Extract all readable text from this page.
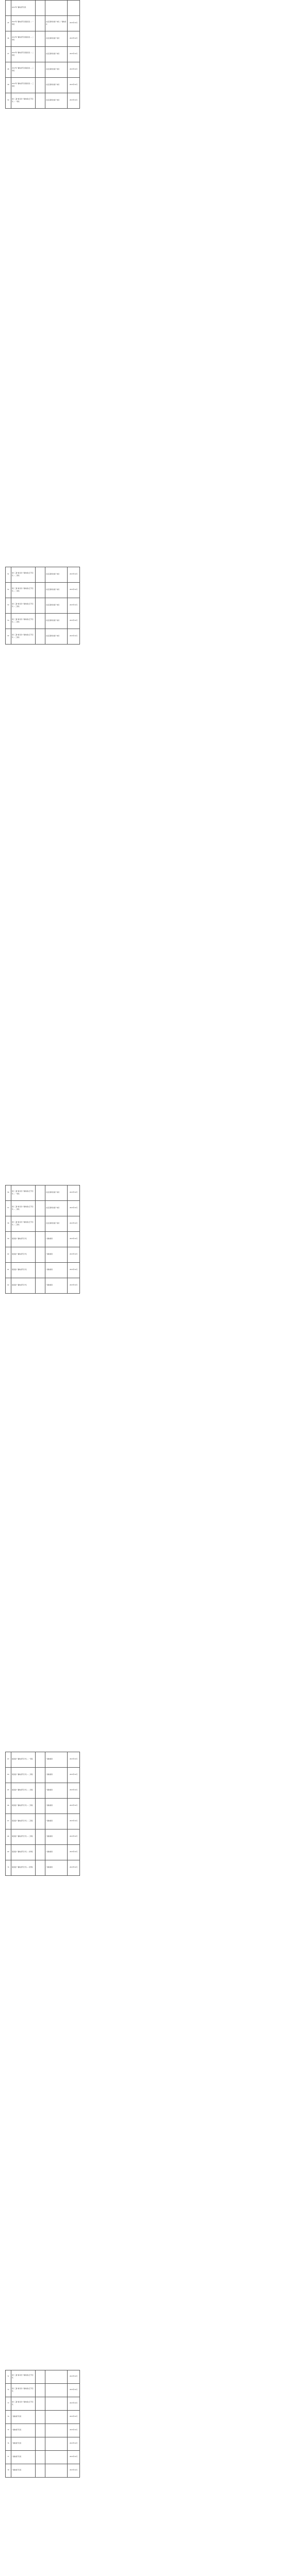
	2017年广播电视节目奖			
45	2017年广播电视节目奖提名奖 — 一等奖		自治区新闻出版广电局、广播电视台	2017年10月
46	2017年广播电视节目奖提名奖 — 二等奖		自治区新闻出版广电局	2017年10月
47	2017年广播电视节目奖提名奖 — 二等奖		自治区新闻出版广电局	2017年10月
48	2017年广播电视节目奖提名奖 — 三等奖		自治区新闻出版广电局	2017年10月
49	2017年广播电视节目奖提名奖 — 三等奖		自治区新闻出版广电局	2017年10月
50	第十三届“骏马奖”广播电视文艺节目奖 — 一等奖		自治区新闻出版广电局	2017年10月
51	第十三届“骏马奖”广播电视文艺节目奖 — 二等奖		自治区新闻出版广电局	2017年10月
52	第十三届“骏马奖”广播电视文艺节目奖 — 二等奖		自治区新闻出版广电局	2017年10月
53	第十三届“骏马奖”广播电视文艺节目奖 — 三等奖		自治区新闻出版广电局	2017年10月
54	第十三届“骏马奖”广播电视文艺节目奖 — 三等奖		自治区新闻出版广电局	2017年10月
55	第十三届“骏马奖”广播电视文艺节目奖 — 三等奖		自治区新闻出版广电局	2017年10月
56	第十三届“骏马奖”广播电视文艺节目奖 — 一等奖		自治区新闻出版广电局	2017年10月
57	第十三届“骏马奖”广播电视文艺节目奖 — 二等奖		自治区新闻出版广电局	2017年10月
58	第十三届“骏马奖”广播电视文艺节目奖 — 三等奖		自治区新闻出版广电局	2017年10月
59	第四届“广播电视节目”奖		广播电视局	2017年10月
60	第四届“广播电视节目”奖		广播电视局	2017年10月
61	第四届“广播电视节目”奖		广播电视局	2017年10月
62	第四届“广播电视节目”奖		广播电视局	2017年10月
63	第四届“广播电视节目”奖 — 一等奖		广播电视局	2017年10月
64	第四届“广播电视节目”奖 — 二等奖		广播电视局	2017年10月
65	第四届“广播电视节目”奖 — 二等奖		广播电视局	2017年10月
66	第四届“广播电视节目”奖 — 三等奖		广播电视局	2017年10月
67	第四届“广播电视节目”奖 — 三等奖		广播电视局	2017年10月
68	第四届“广播电视节目”奖 — 三等奖		广播电视局	2017年10月
69	第四届“广播电视节目”奖 — 优秀奖		广播电视局	2017年10月
70	第四届“广播电视节目”奖 — 优秀奖		广播电视局	2017年10月
71	第十三届“骏马奖”广播电视文艺节目奖			2017年10月
72	第十三届“骏马奖”广播电视文艺节目奖			2017年10月
73	第十三届“骏马奖”广播电视文艺节目奖			2017年10月
74	广播电视节目奖			2017年10月
75	广播电视节目奖			2017年10月
76	广播电视节目奖			2017年10月
77	广播电视节目奖			2017年10月
78	广播电视节目奖			2017年10月
